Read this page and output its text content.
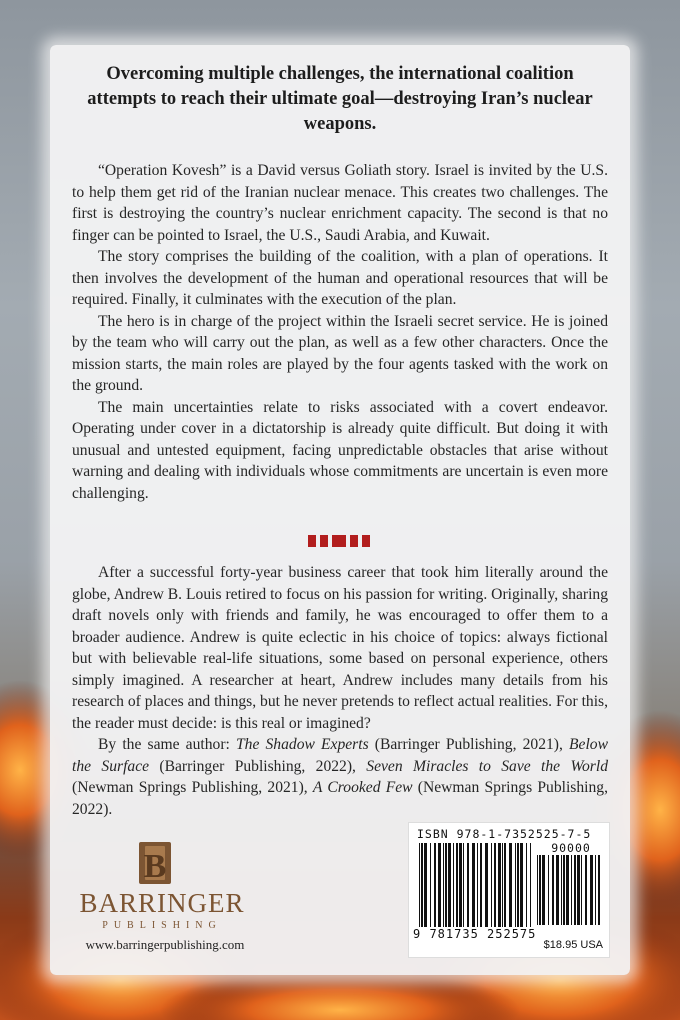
Overcoming multiple challenges, the international coalition attempts to reach their ultimate goal—destroying Iran’s nuclear weapons.

“Operation Kovesh” is a David versus Goliath story. Israel is invited by the U.S. to help them get rid of the Iranian nuclear menace. This creates two challenges. The first is destroying the country’s nuclear enrichment capacity. The second is that no finger can be pointed to Israel, the U.S., Saudi Arabia, and Kuwait.

The story comprises the building of the coalition, with a plan of operations. It then involves the development of the human and operational resources that will be required. Finally, it culminates with the execution of the plan.

The hero is in charge of the project within the Israeli secret service. He is joined by the team who will carry out the plan, as well as a few other characters. Once the mission starts, the main roles are played by the four agents tasked with the work on the ground.

The main uncertainties relate to risks associated with a covert endeavor. Operating under cover in a dictatorship is already quite difficult. But doing it with unusual and untested equipment, facing unpredictable obstacles that arise without warning and dealing with individuals whose commitments are uncertain is even more challenging.

After a successful forty-year business career that took him literally around the globe, Andrew B. Louis retired to focus on his passion for writing. Originally, sharing draft novels only with friends and family, he was encouraged to offer them to a broader audience. Andrew is quite eclectic in his choice of topics: always fictional but with believable real-life situations, some based on personal experience, others simply imagined. A researcher at heart, Andrew includes many details from his research of places and things, but he never pretends to reflect actual realities. For this, the reader must decide: is this real or imagined?

By the same author: The Shadow Experts (Barringer Publishing, 2021), Below the Surface (Barringer Publishing, 2022), Seven Miracles to Save the World (Newman Springs Publishing, 2021), A Crooked Few (Newman Springs Publishing, 2022).

B
BARRINGER
PUBLISHING
www.barringerpublishing.com
ISBN 978-1-7352525-7-5
90000
9 781735 252575
$18.95 USA
